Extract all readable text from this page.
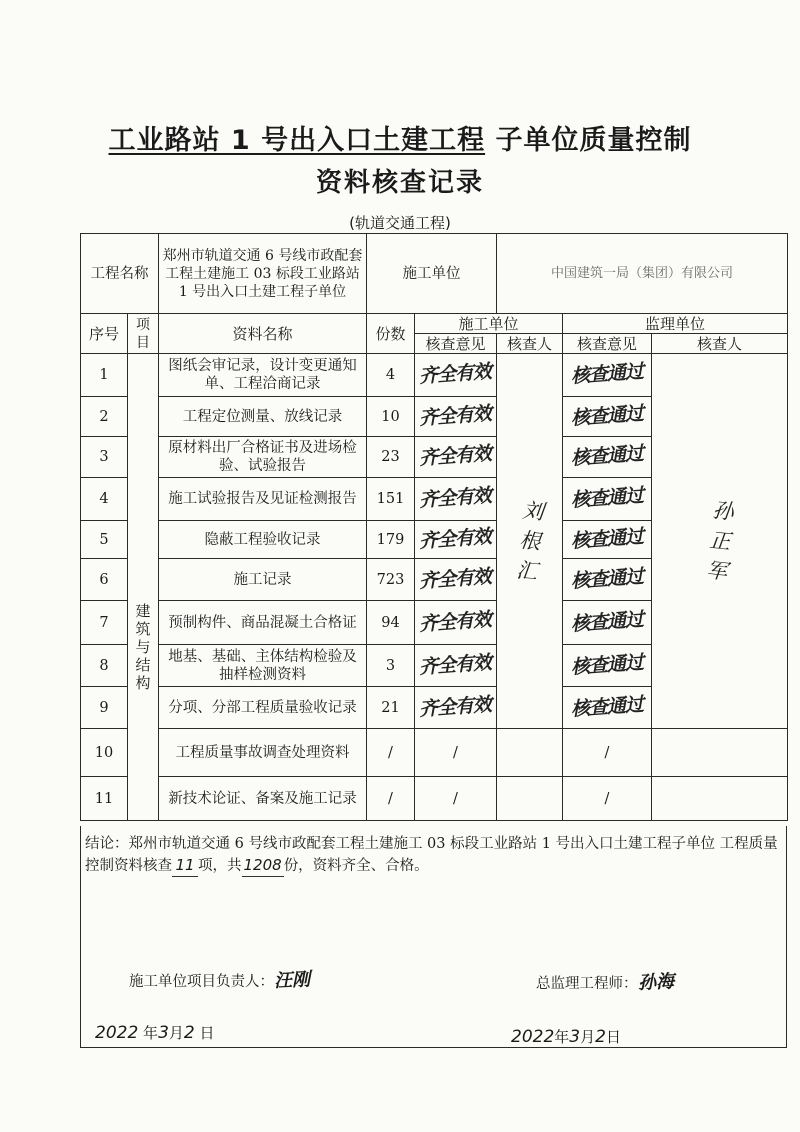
工业路站 1 号出入口土建工程 子单位质量控制
资料核查记录
(轨道交通工程)
工程名称		郑州市轨道交通 6 号线市政配套工程土建施工 03 标段工业路站 1 号出入口土建工程子单位	施工单位		中国建筑一局（集团）有限公司		
序号	项目	资料名称	份数	施工单位		监理单位	
				核查意见	核查人	核查意见	核查人
1	建筑与结构	图纸会审记录，设计变更通知单、工程洽商记录	4	齐全有效	刘 根 汇	核查通过	孙 正 军
2		工程定位测量、放线记录	10	齐全有效		核查通过	
3		原材料出厂合格证书及进场检验、试验报告	23	齐全有效		核查通过	
4		施工试验报告及见证检测报告	151	齐全有效		核查通过	
5		隐蔽工程验收记录	179	齐全有效		核查通过	
6		施工记录	723	齐全有效		核查通过	
7		预制构件、商品混凝土合格证	94	齐全有效		核查通过	
8		地基、基础、主体结构检验及抽样检测资料	3	齐全有效		核查通过	
9		分项、分部工程质量验收记录	21	齐全有效		核查通过	
10		工程质量事故调查处理资料	/	/		/	
11		新技术论证、备案及施工记录	/	/		/	
结论：郑州市轨道交通 6 号线市政配套工程土建施工 03 标段工业路站 1 号出入口土建工程子单位 工程质量控制资料核查 11 项，共 1208 份，资料齐全、合格。
施工单位项目负责人：汪刚	总监理工程师：孙海
2022 年3月2 日	2022年3月2日
